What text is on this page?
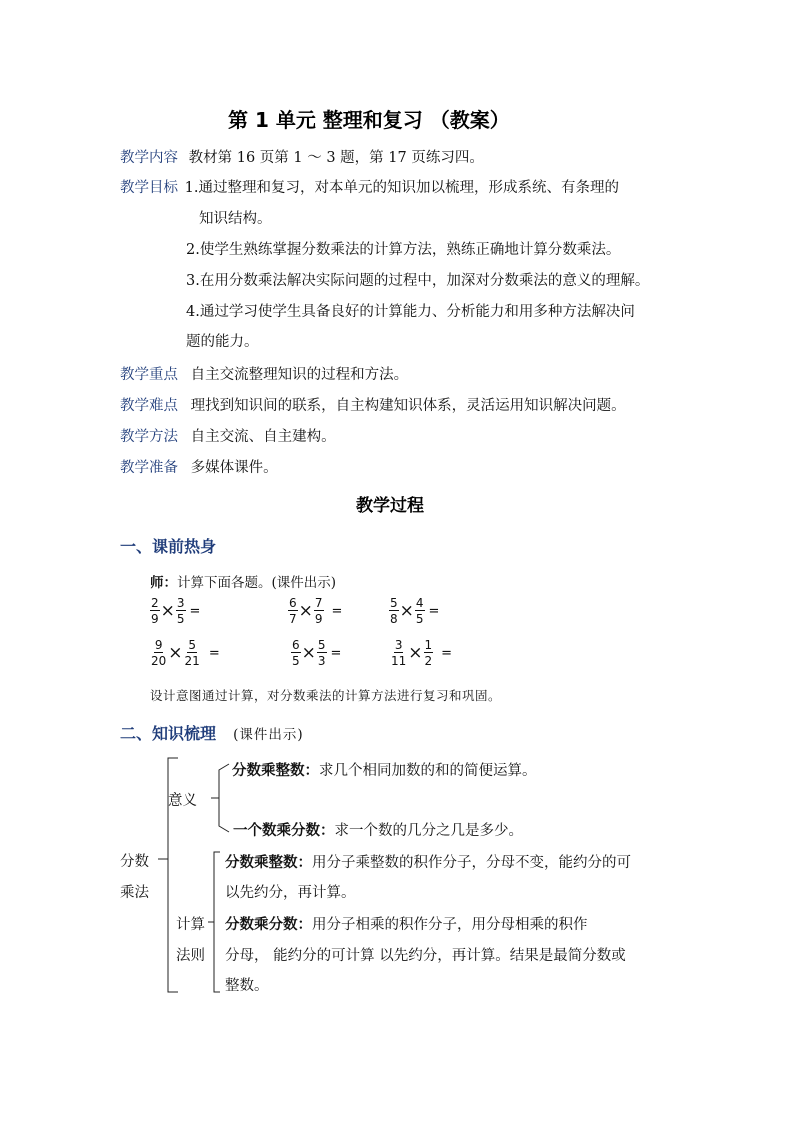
第 1 单元 整理和复习 （教案）
教学内容 教材第 16 页第 1 ～ 3 题，第 17 页练习四。
教学目标 1.通过整理和复习，对本单元的知识加以梳理，形成系统、有条理的
知识结构。
2.使学生熟练掌握分数乘法的计算方法，熟练正确地计算分数乘法。
3.在用分数乘法解决实际问题的过程中，加深对分数乘法的意义的理解。
4.通过学习使学生具备良好的计算能力、分析能力和用多种方法解决问
题的能力。
教学重点 自主交流整理知识的过程和方法。
教学难点 理找到知识间的联系，自主构建知识体系，灵活运用知识解决问题。
教学方法 自主交流、自主建构。
教学准备 多媒体课件。
教学过程
一、课前热身
师：计算下面各题。(课件出示)
$\frac{2}{9} \times \frac{3}{5}$ =	$\frac{6}{7} \times \frac{7}{9}$ =	$\frac{5}{8} \times \frac{4}{5}$ =
$\frac{9}{20} \times \frac{5}{21}$ =	$\frac{6}{5} \times \frac{5}{3}$ =	$\frac{3}{11} \times \frac{1}{2}$ =
设计意图通过计算，对分数乘法的计算方法进行复习和巩固。
二、知识梳理 (课件出示)
分数
乘法
意义
分数乘整数：求几个相同加数的和的简便运算。
一个数乘分数：求一个数的几分之几是多少。
计算
法则
分数乘整数：用分子乘整数的积作分子，分母不变，能约分的可
以先约分，再计算。
分数乘分数：用分子相乘的积作分子，用分母相乘的积作
分母， 能约分的可计算 以先约分，再计算。结果是最简分数或
整数。
